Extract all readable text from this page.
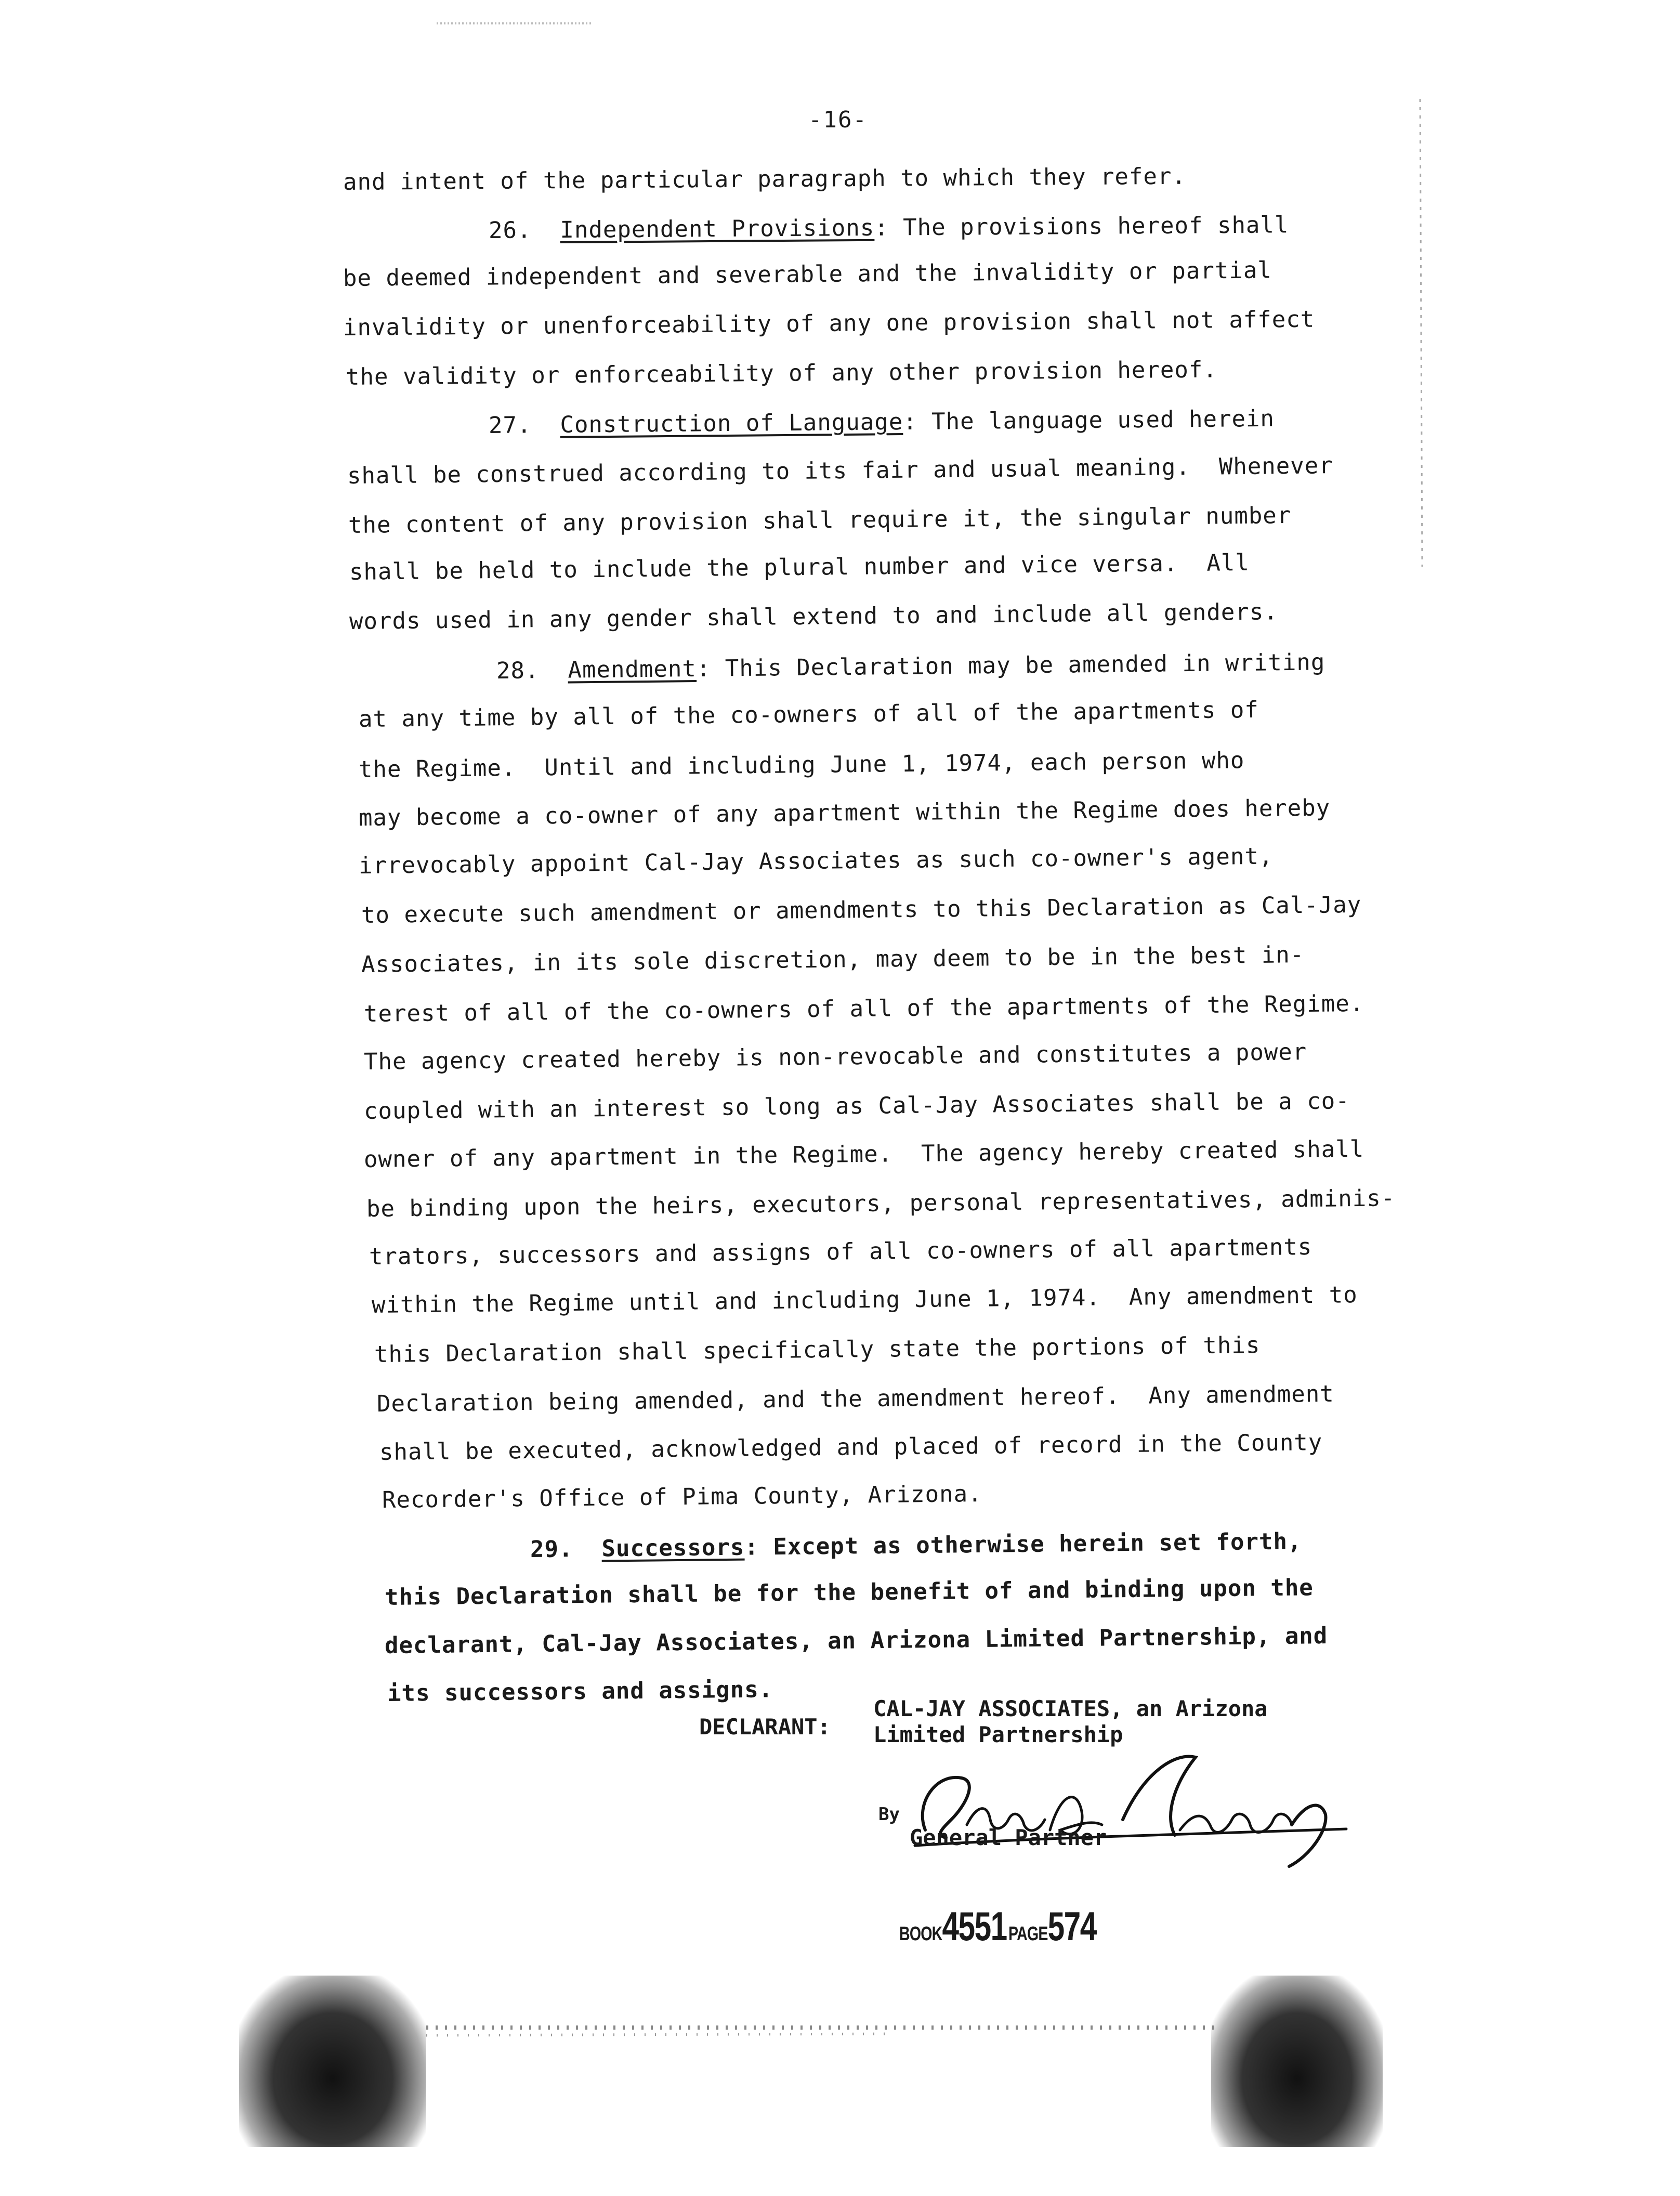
-16-
and intent of the particular paragraph to which they refer.
26.  Independent Provisions: The provisions hereof shall
be deemed independent and severable and the invalidity or partial
invalidity or unenforceability of any one provision shall not affect
the validity or enforceability of any other provision hereof.
27.  Construction of Language: The language used herein
shall be construed according to its fair and usual meaning.  Whenever
the content of any provision shall require it, the singular number
shall be held to include the plural number and vice versa.  All
words used in any gender shall extend to and include all genders.
28.  Amendment: This Declaration may be amended in writing
at any time by all of the co-owners of all of the apartments of
the Regime.  Until and including June 1, 1974, each person who
may become a co-owner of any apartment within the Regime does hereby
irrevocably appoint Cal-Jay Associates as such co-owner's agent,
to execute such amendment or amendments to this Declaration as Cal-Jay
Associates, in its sole discretion, may deem to be in the best in-
terest of all of the co-owners of all of the apartments of the Regime.
The agency created hereby is non-revocable and constitutes a power
coupled with an interest so long as Cal-Jay Associates shall be a co-
owner of any apartment in the Regime.  The agency hereby created shall
be binding upon the heirs, executors, personal representatives, adminis-
trators, successors and assigns of all co-owners of all apartments
within the Regime until and including June 1, 1974.  Any amendment to
this Declaration shall specifically state the portions of this
Declaration being amended, and the amendment hereof.  Any amendment
shall be executed, acknowledged and placed of record in the County
Recorder's Office of Pima County, Arizona.
29.  Successors: Except as otherwise herein set forth,
this Declaration shall be for the benefit of and binding upon the
declarant, Cal-Jay Associates, an Arizona Limited Partnership, and
its successors and assigns.
DECLARANT:
CAL-JAY ASSOCIATES, an Arizona
Limited Partnership
By
General Partner
BOOK4551 PAGE574
